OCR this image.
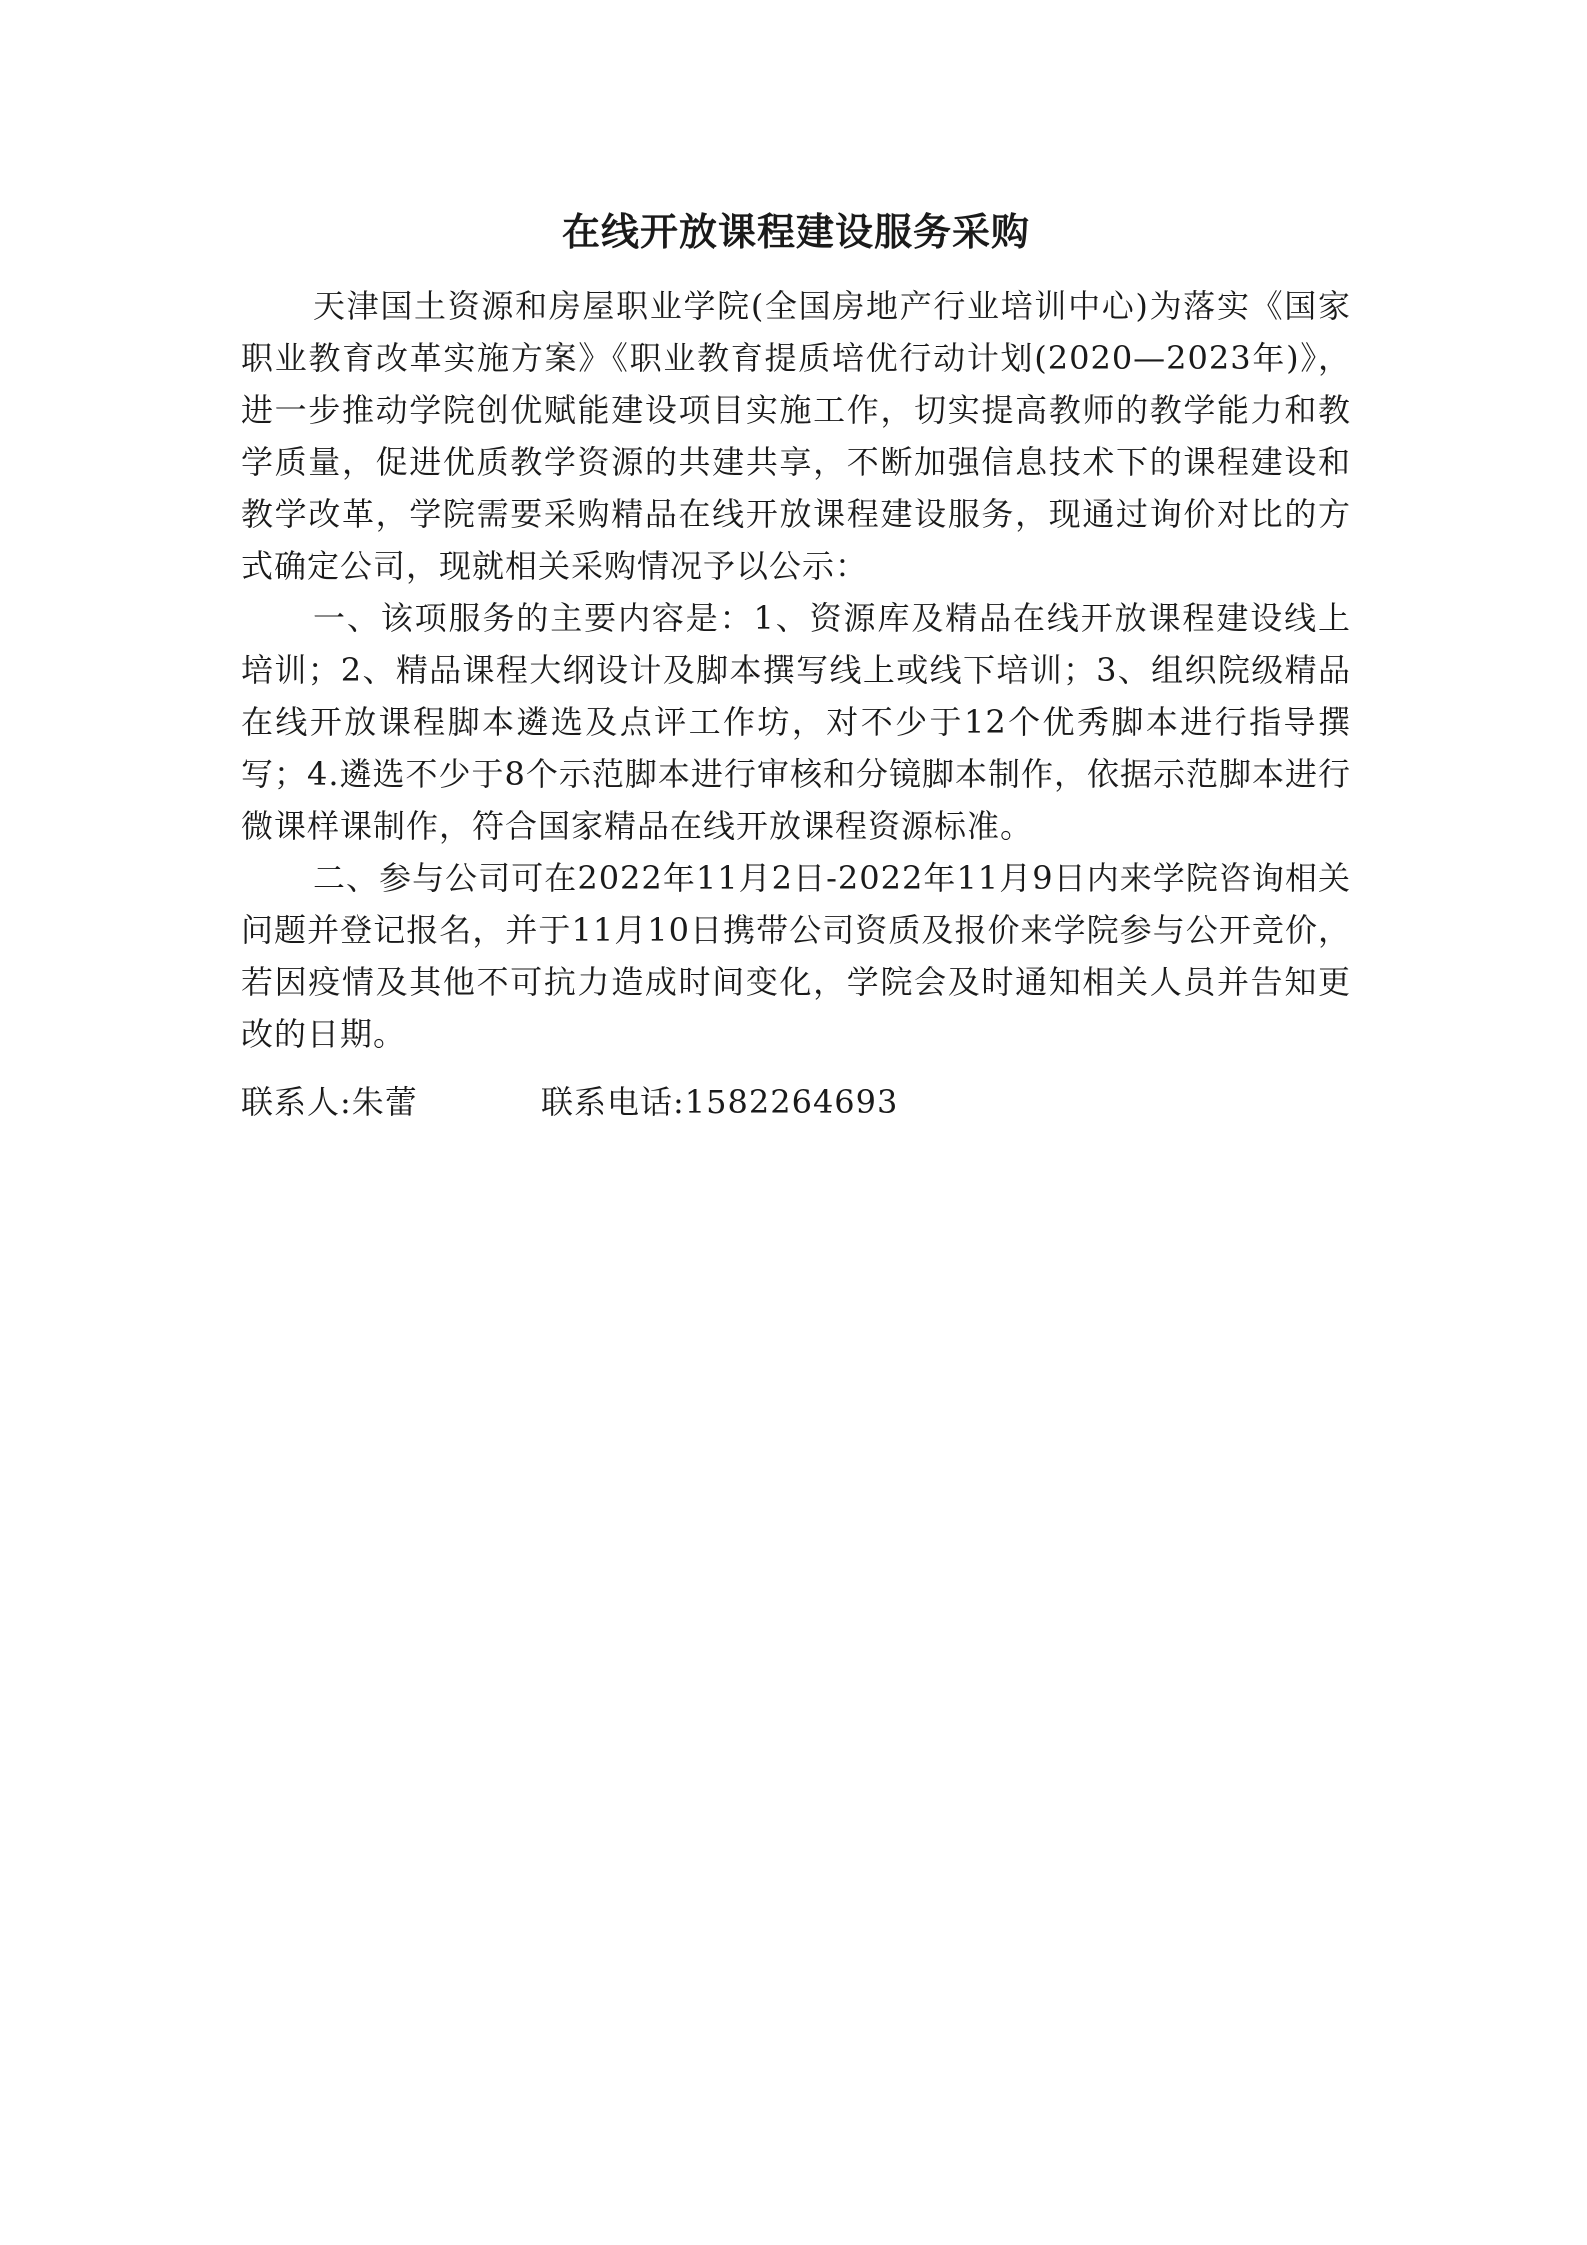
在线开放课程建设服务采购

天津国土资源和房屋职业学院(全国房地产行业培训中心)为落实《国家职业教育改革实施方案》《职业教育提质培优行动计划(2020—2023年)》，进一步推动学院创优赋能建设项目实施工作，切实提高教师的教学能力和教学质量，促进优质教学资源的共建共享，不断加强信息技术下的课程建设和教学改革，学院需要采购精品在线开放课程建设服务，现通过询价对比的方式确定公司，现就相关采购情况予以公示：

一、该项服务的主要内容是：1、资源库及精品在线开放课程建设线上培训；2、精品课程大纲设计及脚本撰写线上或线下培训；3、组织院级精品在线开放课程脚本遴选及点评工作坊，对不少于12个优秀脚本进行指导撰写；4.遴选不少于8个示范脚本进行审核和分镜脚本制作，依据示范脚本进行微课样课制作，符合国家精品在线开放课程资源标准。

二、参与公司可在2022年11月2日-2022年11月9日内来学院咨询相关问题并登记报名，并于11月10日携带公司资质及报价来学院参与公开竞价，若因疫情及其他不可抗力造成时间变化，学院会及时通知相关人员并告知更改的日期。

联系人:朱蕾	联系电话:1582264693
